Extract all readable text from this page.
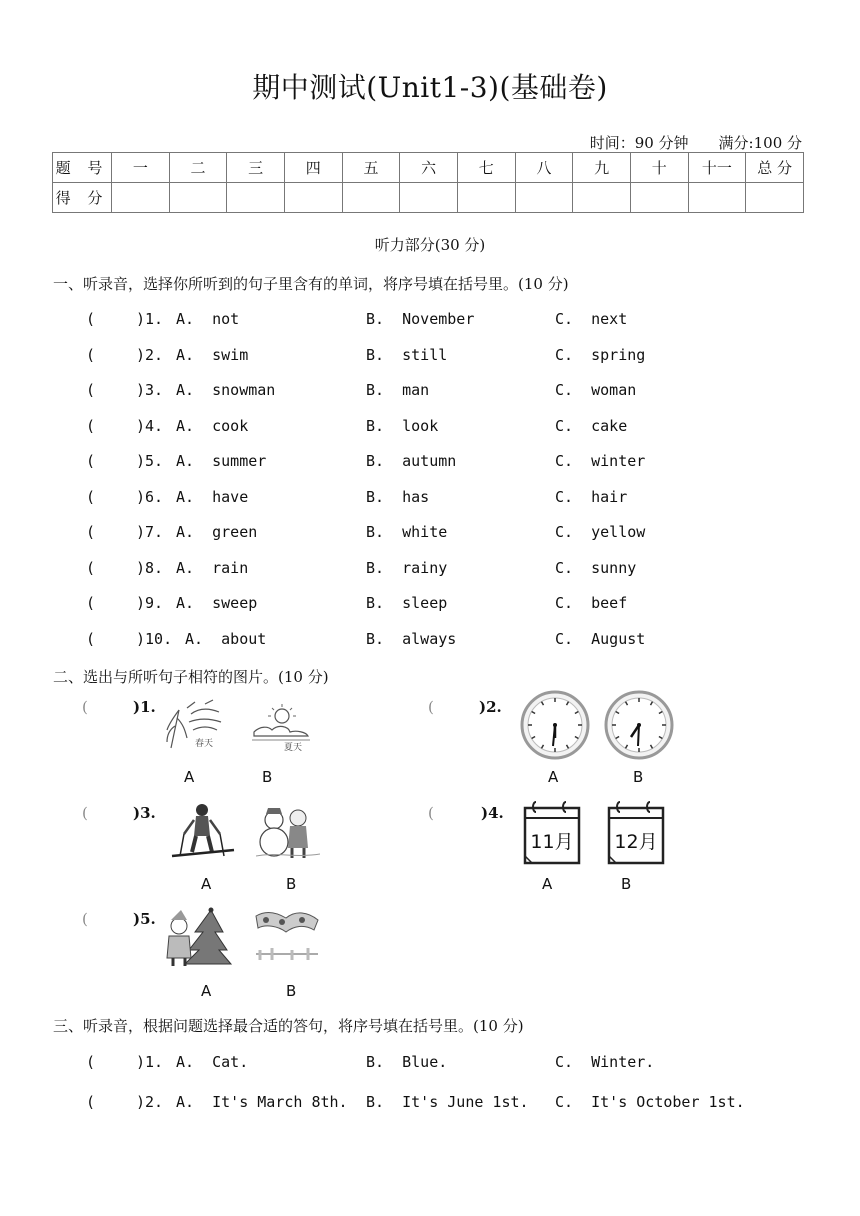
期中测试(Unit1-3)(基础卷)
时间：90 分钟 满分:100 分
题 号	一	二	三	四	五	六	七	八	九	十	十一	总 分
得 分												
听力部分(30 分)
一、听录音，选择你所听到的句子里含有的单词，将序号填在括号里。(10 分)
(	)1. A.  not	B.  November	C.  next
(	)2. A.  swim	B.  still	C.  spring
(	)3. A.  snowman	B.  man	C.  woman
(	)4. A.  cook	B.  look	C.  cake
(	)5. A.  summer	B.  autumn	C.  winter
(	)6. A.  have	B.  has	C.  hair
(	)7. A.  green	B.  white	C.  yellow
(	)8. A.  rain	B.  rainy	C.  sunny
(	)9. A.  sweep	B.  sleep	C.  beef
(	)10. A.  about	B.  always	C.  August
二、选出与所听句子相符的图片。(10 分)
( )1.	( )2.
( )3.	( )4.
( )5.
春天	夏天
A	B	A	B
A	B
11月 12月
A	B
A	B
三、听录音，根据问题选择最合适的答句，将序号填在括号里。(10 分)
(	)1. A.  Cat.	B.  Blue.	C.  Winter.
(	)2. A.  It's March 8th. B.  It's June 1st. C.  It's October 1st.
